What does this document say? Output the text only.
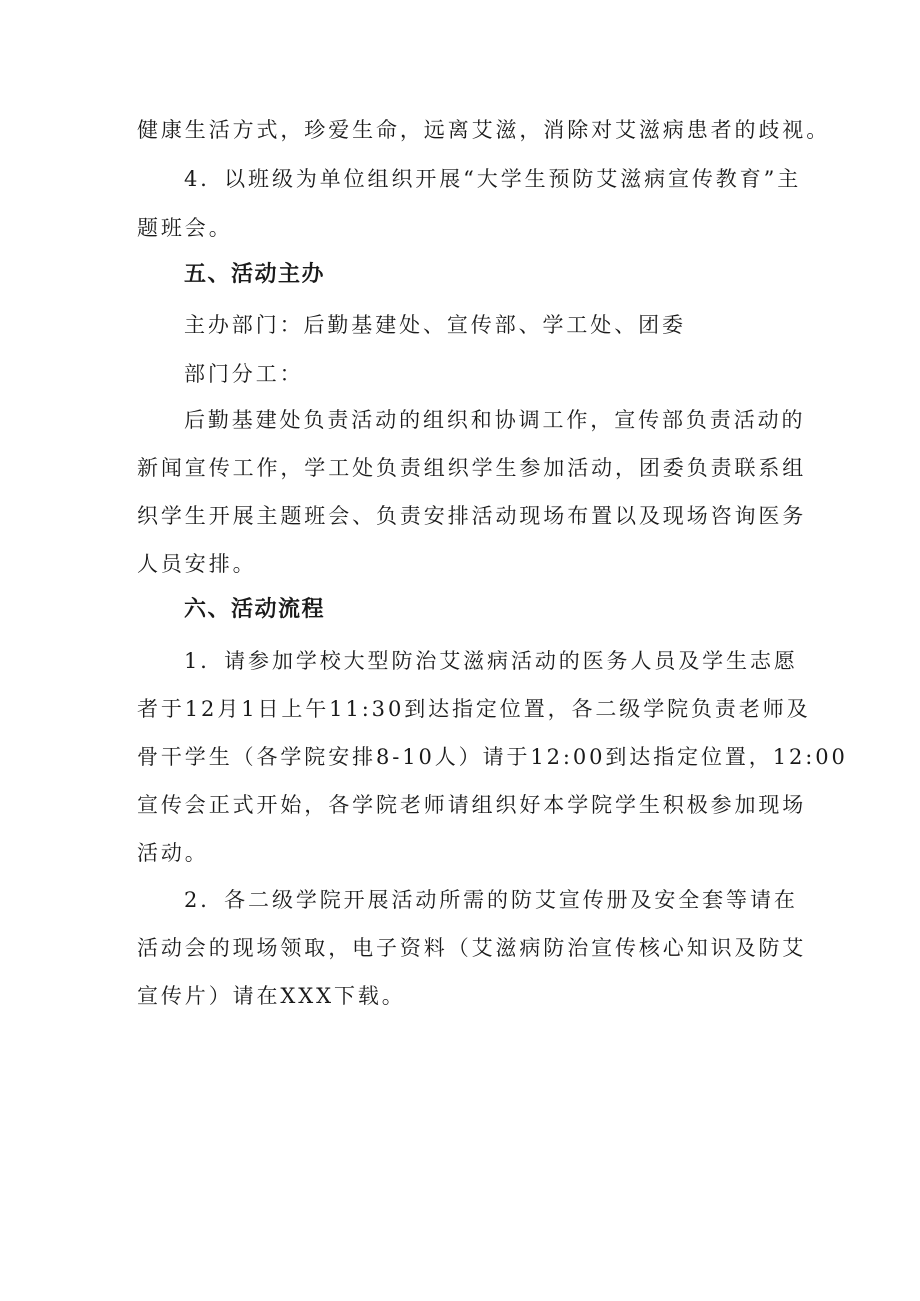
健康生活方式，珍爱生命，远离艾滋，消除对艾滋病患者的歧视。
4．以班级为单位组织开展“大学生预防艾滋病宣传教育”主
题班会。
五、活动主办
主办部门：后勤基建处、宣传部、学工处、团委
部门分工：
后勤基建处负责活动的组织和协调工作，宣传部负责活动的
新闻宣传工作，学工处负责组织学生参加活动，团委负责联系组
织学生开展主题班会、负责安排活动现场布置以及现场咨询医务
人员安排。
六、活动流程
1．请参加学校大型防治艾滋病活动的医务人员及学生志愿
者于12月1日上午11:30到达指定位置，各二级学院负责老师及
骨干学生（各学院安排8-10人）请于12:00到达指定位置，12:00
宣传会正式开始，各学院老师请组织好本学院学生积极参加现场
活动。
2．各二级学院开展活动所需的防艾宣传册及安全套等请在
活动会的现场领取，电子资料（艾滋病防治宣传核心知识及防艾
宣传片）请在XXX下载。
